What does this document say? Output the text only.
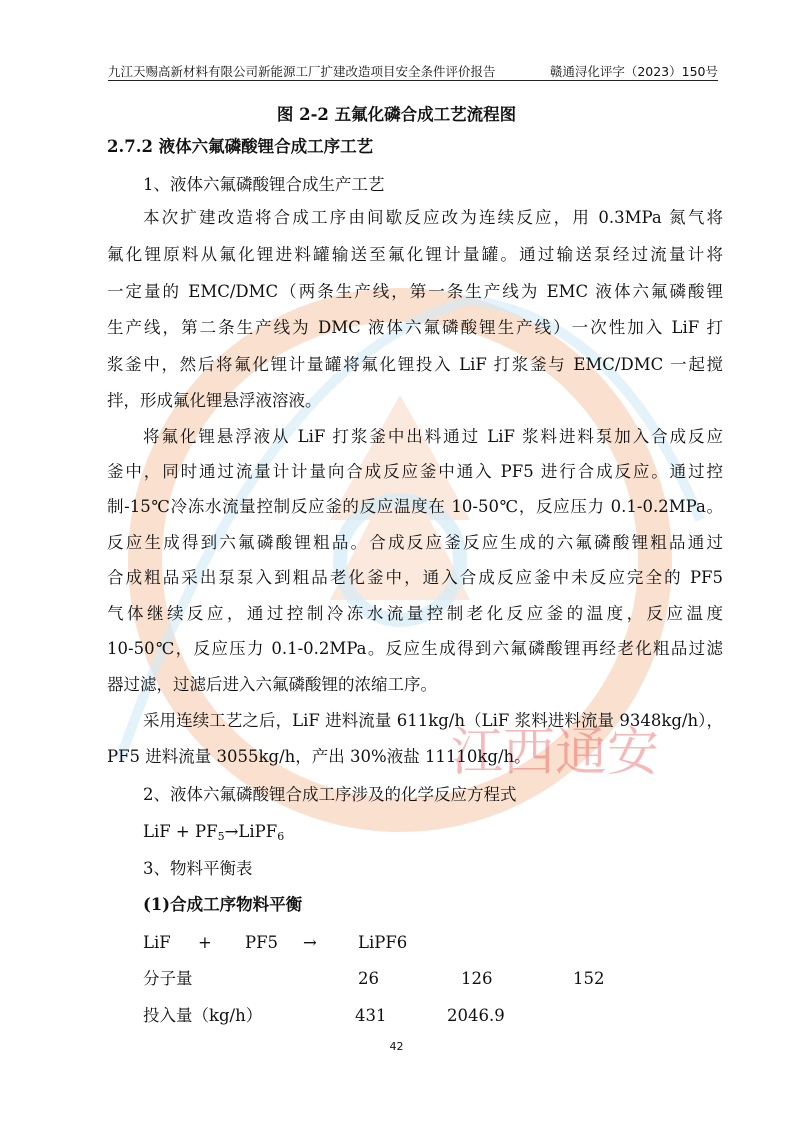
江西通安
九江天赐高新材料有限公司新能源工厂扩建改造项目安全条件评价报告	赣通浔化评字（2023）150号
图 2-2 五氟化磷合成工艺流程图
2.7.2 液体六氟磷酸锂合成工序工艺
1、液体六氟磷酸锂合成生产工艺
本次扩建改造将合成工序由间歇反应改为连续反应，用 0.3MPa 氮气将
氟化锂原料从氟化锂进料罐输送至氟化锂计量罐。通过输送泵经过流量计将
一定量的 EMC/DMC（两条生产线，第一条生产线为 EMC 液体六氟磷酸锂
生产线，第二条生产线为 DMC 液体六氟磷酸锂生产线）一次性加入 LiF 打
浆釜中，然后将氟化锂计量罐将氟化锂投入 LiF 打浆釜与 EMC/DMC 一起搅
拌，形成氟化锂悬浮液溶液。
将氟化锂悬浮液从 LiF 打浆釜中出料通过 LiF 浆料进料泵加入合成反应
釜中，同时通过流量计计量向合成反应釜中通入 PF5 进行合成反应。通过控
制-15℃冷冻水流量控制反应釜的反应温度在 10-50℃，反应压力 0.1-0.2MPa。
反应生成得到六氟磷酸锂粗品。合成反应釜反应生成的六氟磷酸锂粗品通过
合成粗品采出泵泵入到粗品老化釜中，通入合成反应釜中未反应完全的 PF5
气体继续反应，通过控制冷冻水流量控制老化反应釜的温度，反应温度
10-50℃，反应压力 0.1-0.2MPa。反应生成得到六氟磷酸锂再经老化粗品过滤
器过滤，过滤后进入六氟磷酸锂的浓缩工序。
采用连续工艺之后，LiF 进料流量 611kg/h（LiF 浆料进料流量 9348kg/h），
PF5 进料流量 3055kg/h，产出 30%液盐 11110kg/h。
2、液体六氟磷酸锂合成工序涉及的化学反应方程式
LiF + $PF_5\to LiPF_6$
3、物料平衡表
(1)合成工序物料平衡
LiF + PF5 → LiPF6
分子量	26	126	152
投入量（kg/h）	431	2046.9
42
